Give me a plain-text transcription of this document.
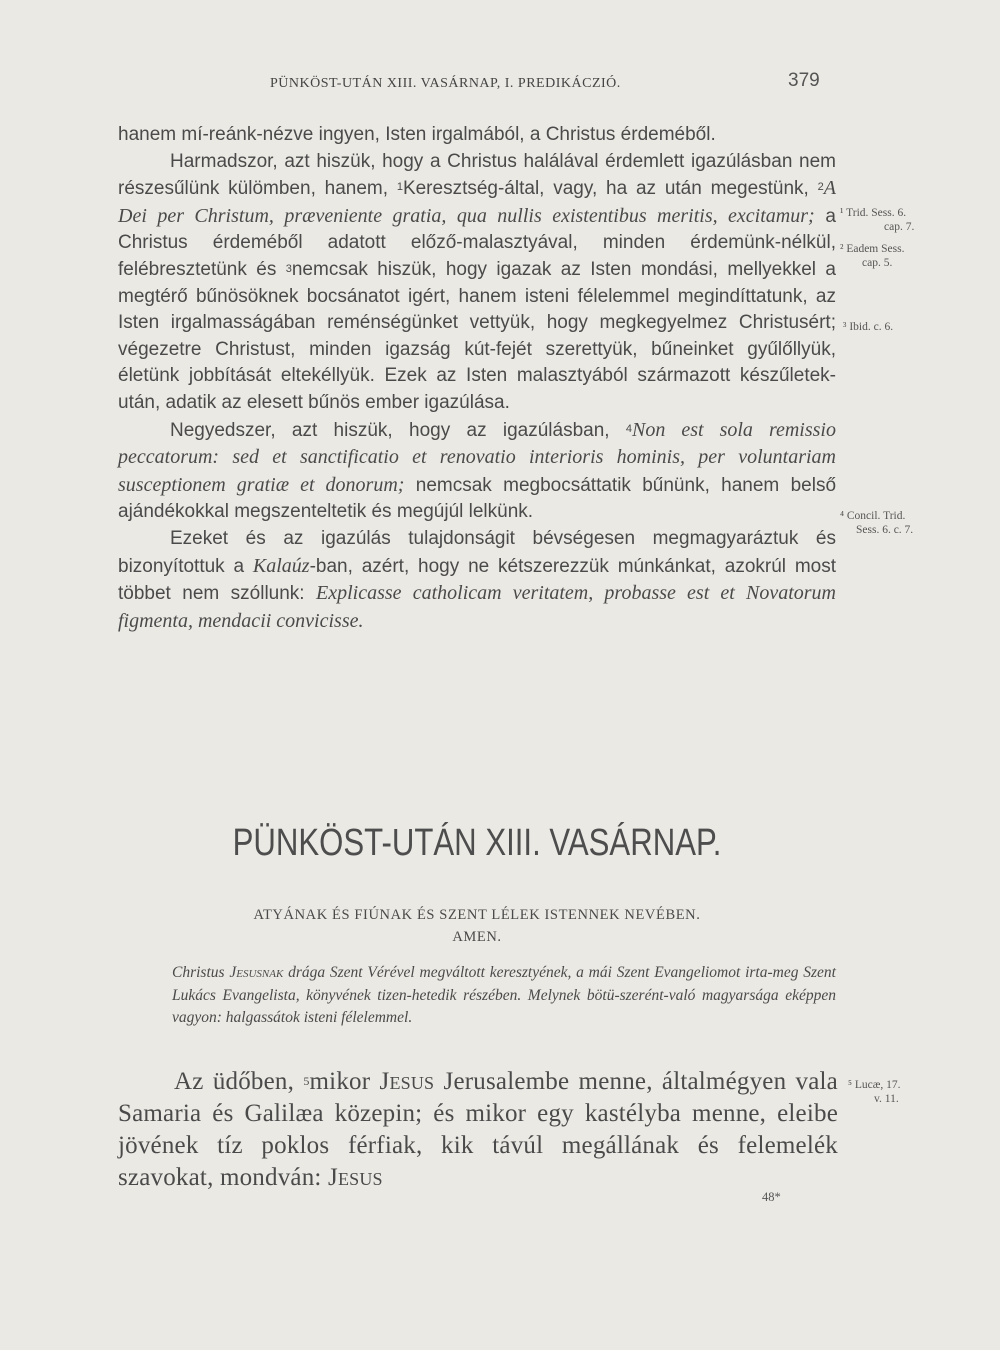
PÜNKÖST-UTÁN XIII. VASÁRNAP, I. PREDIKÁCZIÓ.	379

hanem mí-reánk-nézve ingyen, Isten irgalmából, a Christus érdeméből.

Harmadszor, azt hiszük, hogy a Christus halálával érdemlett igazúlásban nem részesűlünk külömben, hanem, $^1$Keresztség-által, vagy, ha az után megestünk, $^2$A Dei per Christum, præveniente gratia, qua nullis existentibus meritis, excitamur; a Christus érdeméből adatott előző-malasztyával, minden érdemünk-nélkül, felébresztetünk és $^3$nemcsak hiszük, hogy igazak az Isten mondási, mellyekkel a megtérő bűnösöknek bocsánatot igért, hanem isteni félelemmel megindíttatunk, az Isten irgalmasságában reménségünket vettyük, hogy megkegyelmez Christusért; végezetre Christust, minden igazság kút-fejét szerettyük, bűneinket gyűlőllyük, életünk jobbítását eltekéllyük. Ezek az Isten malasztyából származott készűletek-után, adatik az elesett bűnös ember igazúlása.

Negyedszer, azt hiszük, hogy az igazúlásban, $^4$Non est sola remissio peccatorum: sed et sanctificatio et renovatio interioris hominis, per voluntariam susceptionem gratiæ et donorum; nemcsak megbocsáttatik bűnünk, hanem belső ajándékokkal megszenteltetik és megújúl lelkünk.

Ezeket és az igazúlás tulajdonságit bévségesen megmagyaráztuk és bizonyítottuk a Kalaúz-ban, azért, hogy ne kétszerezzük múnkánkat, azokrúl most többet nem szóllunk: Explicasse catholicam veritatem, probasse est et Novatorum figmenta, mendacii convicisse.

¹ Trid. Sess. 6.
cap. 7.
² Eadem Sess.
cap. 5.
³ Ibid. c. 6.
⁴ Concil. Trid.
Sess. 6. c. 7.
⁵ Lucæ, 17.
v. 11.
PÜNKÖST-UTÁN XIII. VASÁRNAP.
ATYÁNAK ÉS FIÚNAK ÉS SZENT LÉLEK ISTENNEK NEVÉBEN.
AMEN.
Christus Jesusnak drága Szent Vérével megváltott keresztyének, a mái Szent Evangeliomot irta-meg Szent Lukács Evangelista, könyvének tizen-hetedik részében. Melynek bötü-szerént-való magyarsága eképpen vagyon: halgassátok isteni félelemmel.

Az üdőben, $^5$mikor Jesus Jerusalembe menne, általmégyen vala Samaria és Galilæa közepin; és mikor egy kastélyba menne, eleibe jövének tíz poklos férfiak, kik távúl megállának és felemelék szavokat, mondván: Jesus

48*
